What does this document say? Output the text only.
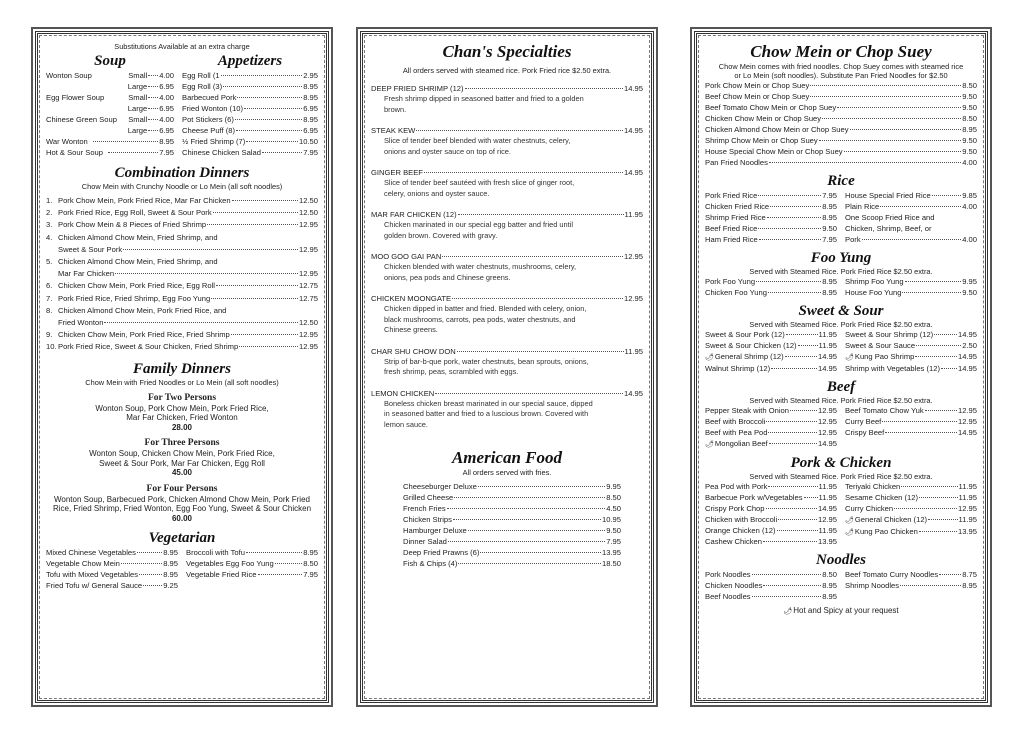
Substitutions Available at an extra charge
Soup
Wonton Soup	Small 4.00
Large 6.95
Egg Flower Soup	Small 4.00
Large 6.95
Chinese Green Soup	Small 4.00
Large 6.95
War Wonton	8.95
Hot & Sour Soup	7.95
Appetizers
Egg Roll (1	2.95
Egg Roll (3)	8.95
Barbecued Pork	8.95
Fried Wonton (10)	6.95
Pot Stickers (6)	8.95
Cheese Puff (8)	6.95
½ Fried Shrimp (7)	10.50
Chinese Chicken Salad	7.95
Combination Dinners
Chow Mein with Crunchy Noodle or Lo Mein (all soft noodles)
1. Pork Chow Mein, Pork Fried Rice, Mar Far Chicken	12.50
2. Pork Fried Rice, Egg Roll, Sweet & Sour Pork	12.50
3. Pork Chow Mein & 8 Pieces of Fried Shrimp	12.95
4. Chicken Almond Chow Mein, Fried Shrimp, and
Sweet & Sour Pork	12.95
5. Chicken Almond Chow Mein, Fried Shrimp, and
Mar Far Chicken	12.95
6. Chicken Chow Mein, Pork Fried Rice, Egg Roll	12.75
7. Pork Fried Rice, Fried Shrimp, Egg Foo Yung	12.75
8. Chicken Almond Chow Mein, Pork Fried Rice, and
Fried Wonton	12.50
9. Chicken Chow Mein, Pork Fried Rice, Fried Shrimp	12.95
10. Pork Fried Rice, Sweet & Sour Chicken, Fried Shrimp	12.95
Family Dinners
Chow Mein with Fried Noodles or Lo Mein (all soft noodles)
For Two Persons
Wonton Soup, Pork Chow Mein, Pork Fried Rice,
Mar Far Chicken, Fried Wonton
28.00
For Three Persons
Wonton Soup, Chicken Chow Mein, Pork Fried Rice,
Sweet & Sour Pork, Mar Far Chicken, Egg Roll
45.00
For Four Persons
Wonton Soup, Barbecued Pork, Chicken Almond Chow Mein, Pork Fried
Rice, Fried Shrimp, Fried Wonton, Egg Foo Yung, Sweet & Sour Chicken
60.00
Vegetarian
Mixed Chinese Vegetables	8.95
Vegetable Chow Mein	8.95
Tofu with Mixed Vegetables	8.95
Fried Tofu w/ General Sauce	9.25
Broccoli with Tofu	8.95
Vegetables Egg Foo Yung	8.50
Vegetable Fried Rice	7.95
Chan's Specialties
All orders served with steamed rice. Pork Fried rice $2.50 extra.
DEEP FRIED SHRIMP (12)	14.95
Fresh shrimp dipped in seasoned batter and fried to a golden
brown.
STEAK KEW	14.95
Slice of tender beef blended with water chestnuts, celery,
onions and oyster sauce on top of rice.
GINGER BEEF	14.95
Slice of tender beef sautéed with fresh slice of ginger root,
celery, onions and oyster sauce.
MAR FAR CHICKEN (12)	11.95
Chicken marinated in our special egg batter and fried until
golden brown. Covered with gravy.
MOO GOO GAI PAN	12.95
Chicken blended with water chestnuts, mushrooms, celery,
onions, pea pods and Chinese greens.
CHICKEN MOONGATE	12.95
Chicken dipped in batter and fried. Blended with celery, onion,
black mushrooms, carrots, pea pods, water chestnuts, and
Chinese greens.
CHAR SHU CHOW DON	11.95
Strip of bar-b-que pork, water chestnuts, bean sprouts, onions,
fresh shrimp, peas, scrambled with eggs.
LEMON CHICKEN	14.95
Boneless chicken breast marinated in our special sauce, dipped
in seasoned batter and fried to a luscious brown. Covered with
lemon sauce.
American Food
All orders served with fries.
Cheeseburger Deluxe	9.95
Grilled Cheese	8.50
French Fries	4.50
Chicken Strips	10.95
Hamburger Deluxe	9.50
Dinner Salad	7.95
Deep Fried Prawns (6)	13.95
Fish & Chips (4)	18.50
Chow Mein or Chop Suey
Chow Mein comes with fried noodles. Chop Suey comes with steamed rice
or Lo Mein (soft noodles). Substitute Pan Fried Noodles for $2.50
Pork Chow Mein or Chop Suey	8.50
Beef Chow Mein or Chop Suey	9.50
Beef Tomato Chow Mein or Chop Suey	9.50
Chicken Chow Mein or Chop Suey	8.50
Chicken Almond Chow Mein or Chop Suey	8.95
Shrimp Chow Mein or Chop Suey	9.50
House Special Chow Mein or Chop Suey	9.50
Pan Fried Noodles	4.00
Rice
Pork Fried Rice	7.95
Chicken Fried Rice	8.95
Shrimp Fried Rice	8.95
Beef Fried Rice	9.50
Ham Fried Rice	7.95
House Special Fried Rice	9.85
Plain Rice	4.00
One Scoop Fried Rice and
Chicken, Shrimp, Beef, or
Pork	4.00
Foo Yung
Served with Steamed Rice. Pork Fried Rice $2.50 extra.
Pork Foo Yung	8.95
Chicken Foo Yung	8.95
Shrimp Foo Yung	9.95
House Foo Yung	9.50
Sweet & Sour
Served with Steamed Rice. Pork Fried Rice $2.50 extra.
Sweet & Sour Pork (12)	11.95
Sweet & Sour Chicken (12)	11.95
🌶︎ General Shrimp (12)	14.95
Walnut Shrimp (12)	14.95
Sweet & Sour Shrimp (12)	14.95
Sweet & Sour Sauce	2.50
🌶︎ Kung Pao Shrimp	14.95
Shrimp with Vegetables (12) 14.95
Beef
Served with Steamed Rice. Pork Fried Rice $2.50 extra.
Pepper Steak with Onion	12.95
Beef with Broccoli	12.95
Beef with Pea Pod	12.95
🌶︎ Mongolian Beef	14.95
Beef Tomato Chow Yuk	12.95
Curry Beef	12.95
Crispy Beef	14.95
Pork & Chicken
Served with Steamed Rice. Pork Fried Rice $2.50 extra.
Pea Pod with Pork	11.95
Barbecue Pork w/Vegetables 11.95
Crispy Pork Chop	14.95
Chicken with Broccoli	12.95
Orange Chicken (12)	11.95
Cashew Chicken	13.95
Teriyaki Chicken	11.95
Sesame Chicken (12)	11.95
Curry Chicken	12.95
🌶︎ General Chicken (12)	11.95
🌶︎ Kung Pao Chicken	13.95
Noodles
Pork Noodles	8.50
Chicken Noodles	8.95
Beef Noodles	8.95
Beef Tomato Curry Noodles	8.75
Shrimp Noodles	8.95
🌶︎Hot and Spicy at your request
